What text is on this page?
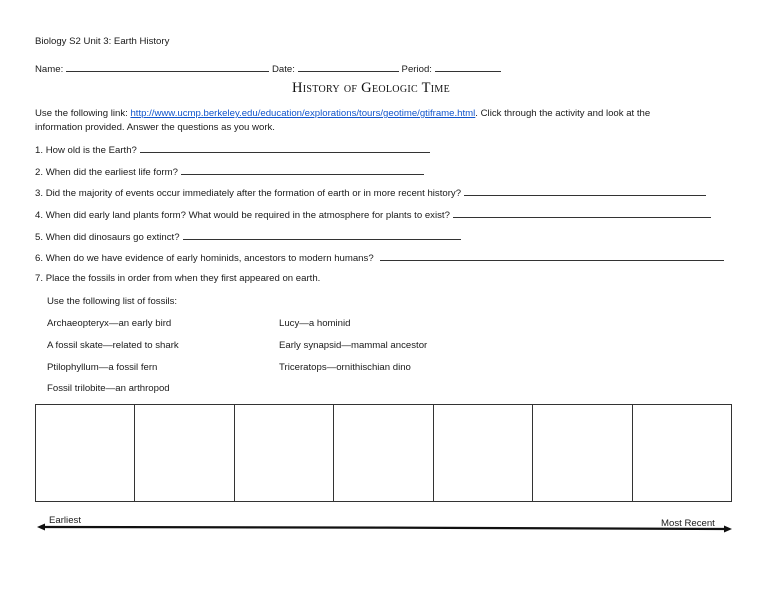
Biology S2 Unit 3: Earth History
Name:	Date:	Period:
History of Geologic Time
Use the following link: http://www.ucmp.berkeley.edu/education/explorations/tours/geotime/gtiframe.html. Click through the activity and look at the
information provided. Answer the questions as you work.
1. How old is the Earth?
2. When did the earliest life form?
3. Did the majority of events occur immediately after the formation of earth or in more recent history?
4. When did early land plants form? What would be required in the atmosphere for plants to exist?
5. When did dinosaurs go extinct?
6. When do we have evidence of early hominids, ancestors to modern humans?
7. Place the fossils in order from when they first appeared on earth.
Use the following list of fossils:
Archaeopteryx—an early bird
A fossil skate—related to shark
Ptilophyllum—a fossil fern
Fossil trilobite—an arthropod
Lucy—a hominid
Early synapsid—mammal ancestor
Triceratops—ornithischian dino

Earliest	Most Recent
